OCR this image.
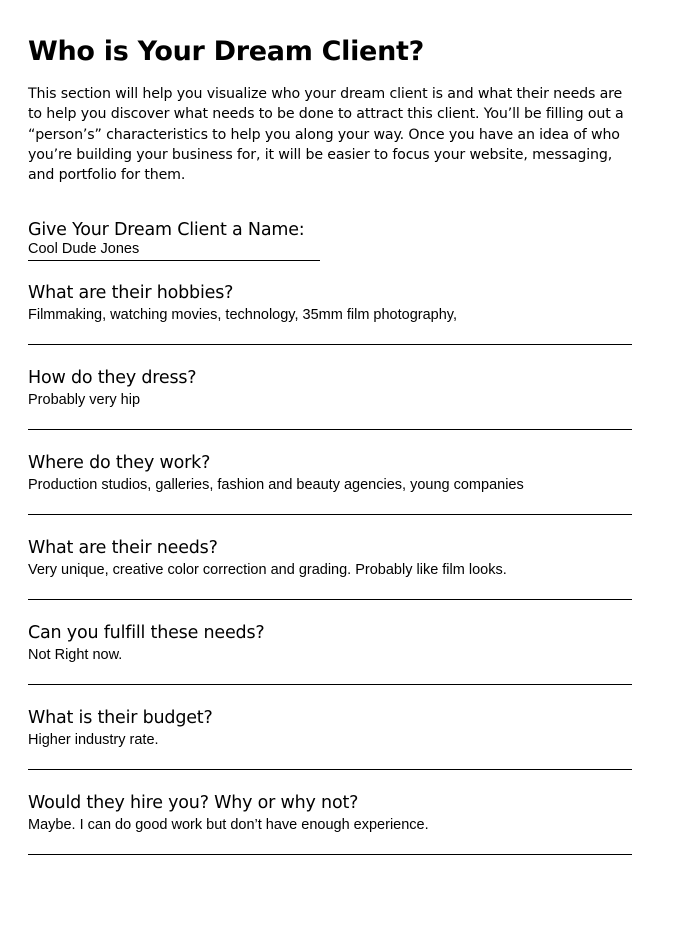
Who is Your Dream Client?

This section will help you visualize who your dream client is and what their needs are to help you discover what needs to be done to attract this client. You’ll be filling out a “person’s” characteristics to help you along your way. Once you have an idea of who you’re building your business for, it will be easier to focus your website, messaging, and portfolio for them.

Give Your Dream Client a Name:
Cool Dude Jones
What are their hobbies?
Filmmaking, watching movies, technology, 35mm film photography,
How do they dress?
Probably very hip
Where do they work?
Production studios, galleries, fashion and beauty agencies, young companies
What are their needs?
Very unique, creative color correction and grading. Probably like film looks.
Can you fulfill these needs?
Not Right now.
What is their budget?
Higher industry rate.
Would they hire you? Why or why not?
Maybe. I can do good work but don’t have enough experience.
